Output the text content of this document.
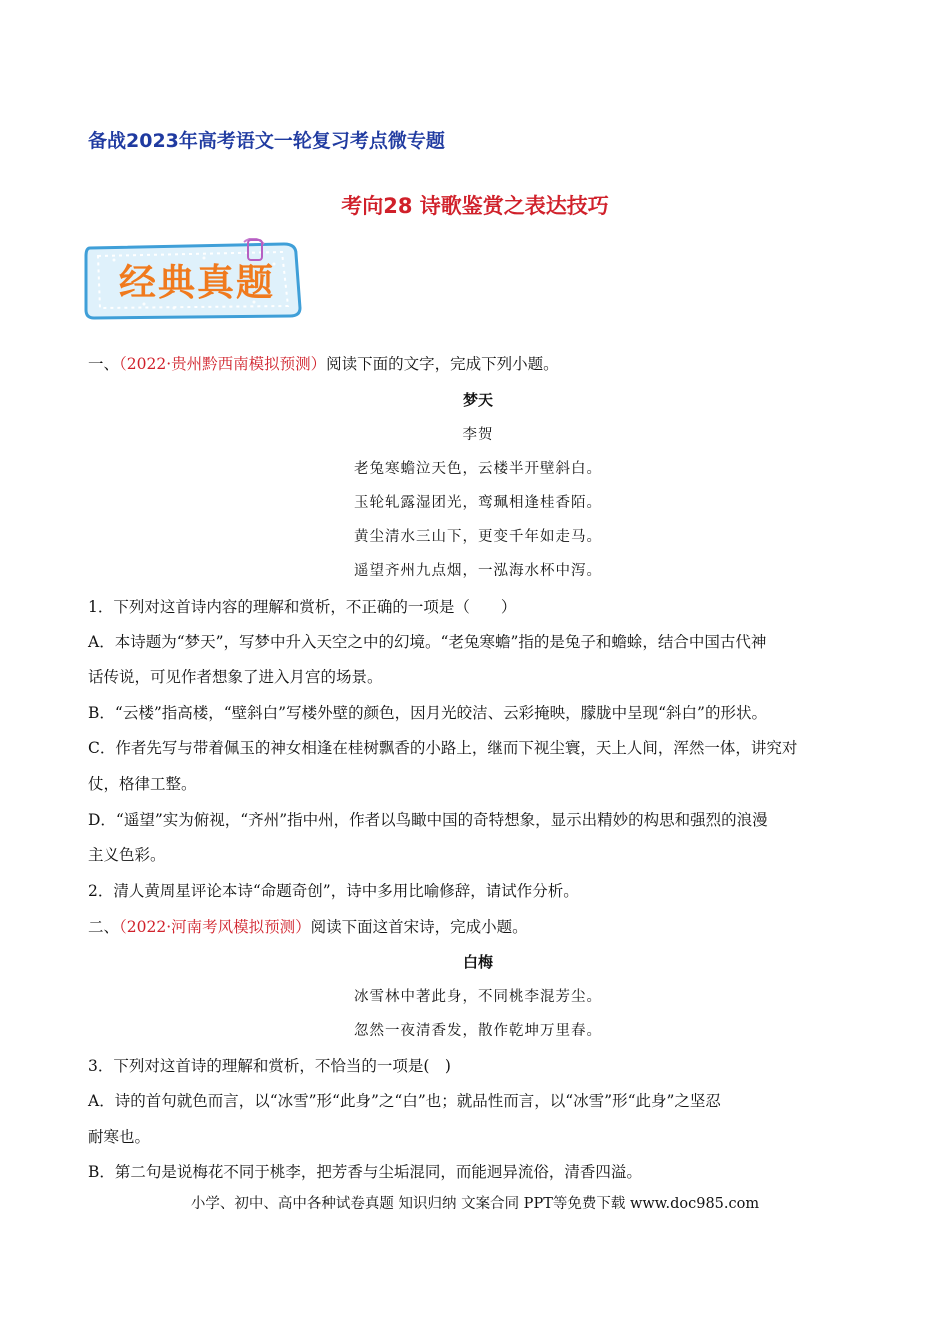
备战2023年高考语文一轮复习考点微专题
考向28 诗歌鉴赏之表达技巧
经典真题
一、（2022·贵州黔西南模拟预测）阅读下面的文字，完成下列小题。
梦天
李贺
老兔寒蟾泣天色，云楼半开壁斜白。
玉轮轧露湿团光，鸾珮相逢桂香陌。
黄尘清水三山下，更变千年如走马。
遥望齐州九点烟，一泓海水杯中泻。
1．下列对这首诗内容的理解和赏析，不正确的一项是（　　）
A．本诗题为“梦天”，写梦中升入天空之中的幻境。“老兔寒蟾”指的是兔子和蟾蜍，结合中国古代神
话传说，可见作者想象了进入月宫的场景。
B．“云楼”指高楼，“壁斜白”写楼外壁的颜色，因月光皎洁、云彩掩映，朦胧中呈现“斜白”的形状。
C．作者先写与带着佩玉的神女相逢在桂树飘香的小路上，继而下视尘寰，天上人间，浑然一体，讲究对
仗，格律工整。
D．“遥望”实为俯视，“齐州”指中州，作者以鸟瞰中国的奇特想象，显示出精妙的构思和强烈的浪漫
主义色彩。
2．清人黄周星评论本诗“命题奇创”，诗中多用比喻修辞，请试作分析。
二、（2022·河南考风模拟预测）阅读下面这首宋诗，完成小题。
白梅
冰雪林中著此身，不同桃李混芳尘。
忽然一夜清香发，散作乾坤万里春。
3．下列对这首诗的理解和赏析，不恰当的一项是(　)
A．诗的首句就色而言，以“冰雪”形“此身”之“白”也；就品性而言，以“冰雪”形“此身”之坚忍
耐寒也。
B．第二句是说梅花不同于桃李，把芳香与尘垢混同，而能迥异流俗，清香四溢。
小学、初中、高中各种试卷真题 知识归纳 文案合同 PPT等免费下载 www.doc985.com
